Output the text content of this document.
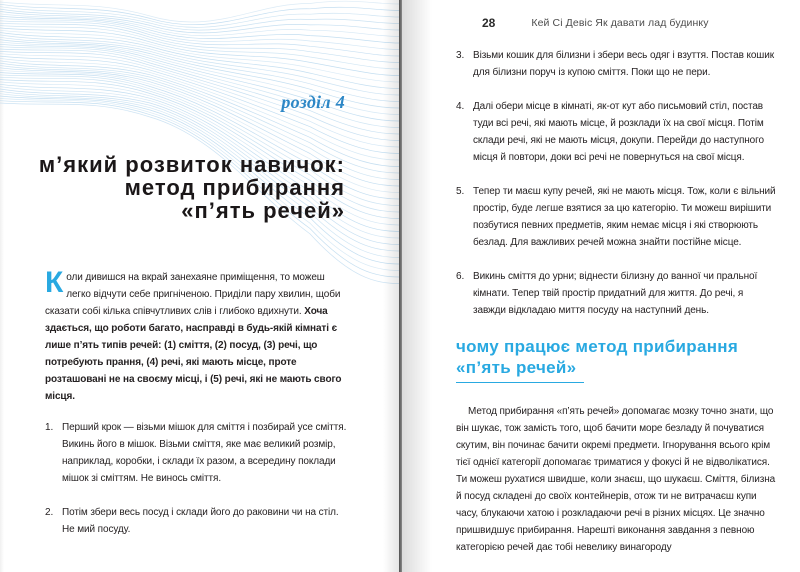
розділ 4
м’який розвиток навичок:
метод прибирання
«п’ять речей»

Коли дивишся на вкрай занехаяне приміщення, то можеш легко відчути себе пригніченою. Приділи пару хвилин, щоби сказати собі кілька співчутливих слів і глибоко вдихнути. Хоча здається, що роботи багато, насправді в будь-якій кімнаті є лише п’ять типів речей: (1) сміття, (2) посуд, (3) речі, що потребують прання, (4) речі, які мають місце, проте розташовані не на своєму місці, і (5) речі, які не мають свого місця.

1. Перший крок — візьми мішок для сміття і позбирай усе сміття. Викинь його в мішок. Візьми сміття, яке має великий розмір, наприклад, коробки, і склади їх разом, а всередину поклади мішок зі сміттям. Не винось сміття.
2. Потім збери весь посуд і склади його до раковини чи на стіл. Не мий посуду.
28	Кей Сі Девіс Як давати лад будинку
3. Візьми кошик для білизни і збери весь одяг і взуття. Постав кошик для білизни поруч із купою сміття. Поки що не пери.
4. Далі обери місце в кімнаті, як-от кут або письмовий стіл, постав туди всі речі, які мають місце, й розклади їх на свої місця. Потім склади речі, які не мають місця, докупи. Перейди до наступного місця й повтори, доки всі речі не повернуться на свої місця.
5. Тепер ти маєш купу речей, які не мають місця. Тож, коли є вільний простір, буде легше взятися за цю категорію. Ти можеш вирішити позбутися певних предметів, яким немає місця і які створюють безлад. Для важливих речей можна знайти постійне місце.
6. Викинь сміття до урни; віднести білизну до ванної чи пральної кімнати. Тепер твій простір придатний для життя. До речі, я завжди відкладаю миття посуду на наступний день.
чому працює метод прибирання
«п’ять речей»

Метод прибирання «п’ять речей» допомагає мозку точно знати, що він шукає, тож замість того, щоб бачити море безладу й почуватися скутим, він починає бачити окремі предмети. Ігнорування всього крім тієї однієї категорії допомагає триматися у фокусі й не відволікатися. Ти можеш рухатися швидше, коли знаєш, що шукаєш. Сміття, білизна й посуд складені до своїх контейнерів, отож ти не витрачаєш купи часу, блукаючи хатою і розкладаючи речі в різних місцях. Це значно пришвидшує прибирання. Нарешті виконання завдання з певною категорією речей дає тобі невелику винагороду
